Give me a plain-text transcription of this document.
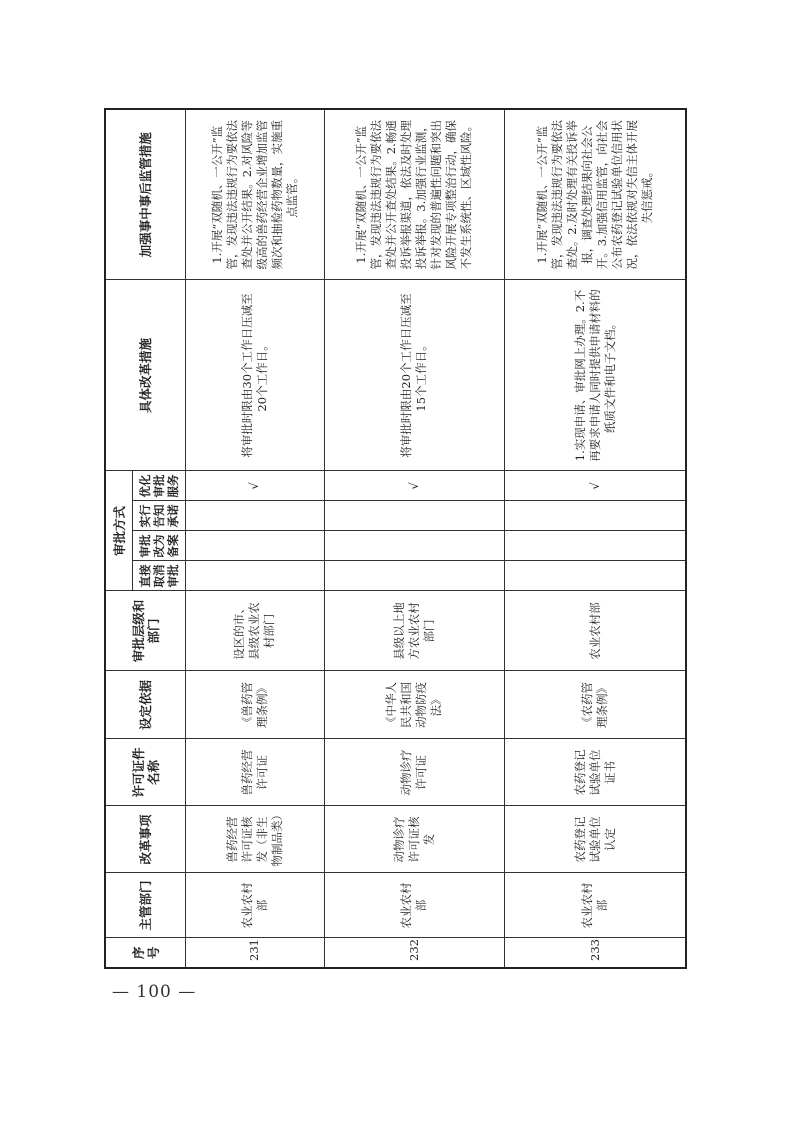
序号	主管部门	改革事项	许可证件名称	设定依据	审批层级和部门	审批方式				具体改革措施	加强事中事后监管措施
						直接取消审批	审批改为备案	实行告知承诺	优化审批服务		
231	农业农村部	兽药经营许可证核发（非生物制品类）	兽药经营许可证	《兽药管理条例》	设区的市、县级农业农村部门				√	将审批时限由30个工作日压减至20个工作日。	1.开展“双随机、一公开”监管，发现违法违规行为要依法查处并公开结果。2.对风险等级高的兽药经营企业增加监管频次和抽检药物数量，实施重点监管。
232	农业农村部	动物诊疗许可证核发	动物诊疗许可证	《中华人民共和国动物防疫法》	县级以上地方农业农村部门				√	将审批时限由20个工作日压减至15个工作日。	1.开展“双随机、一公开”监管，发现违法违规行为要依法查处并公开查处结果。2.畅通投诉举报渠道，依法及时处理投诉举报。3.加强行业监测，针对发现的普遍性问题和突出风险开展专项整治行动，确保不发生系统性、区域性风险。
233	农业农村部	农药登记试验单位认定	农药登记试验单位证书	《农药管理条例》	农业农村部				√	1.实现申请、审批网上办理。2.不再要求申请人同时提供申请材料的纸质文件和电子文档。	1.开展“双随机、一公开”监管，发现违法违规行为要依法查处。2.及时处理有关投诉举报，调查处理结果向社会公开。3.加强信用监管，向社会公布农药登记试验单位信用状况，依法依规对失信主体开展失信惩戒。
— 100 —
